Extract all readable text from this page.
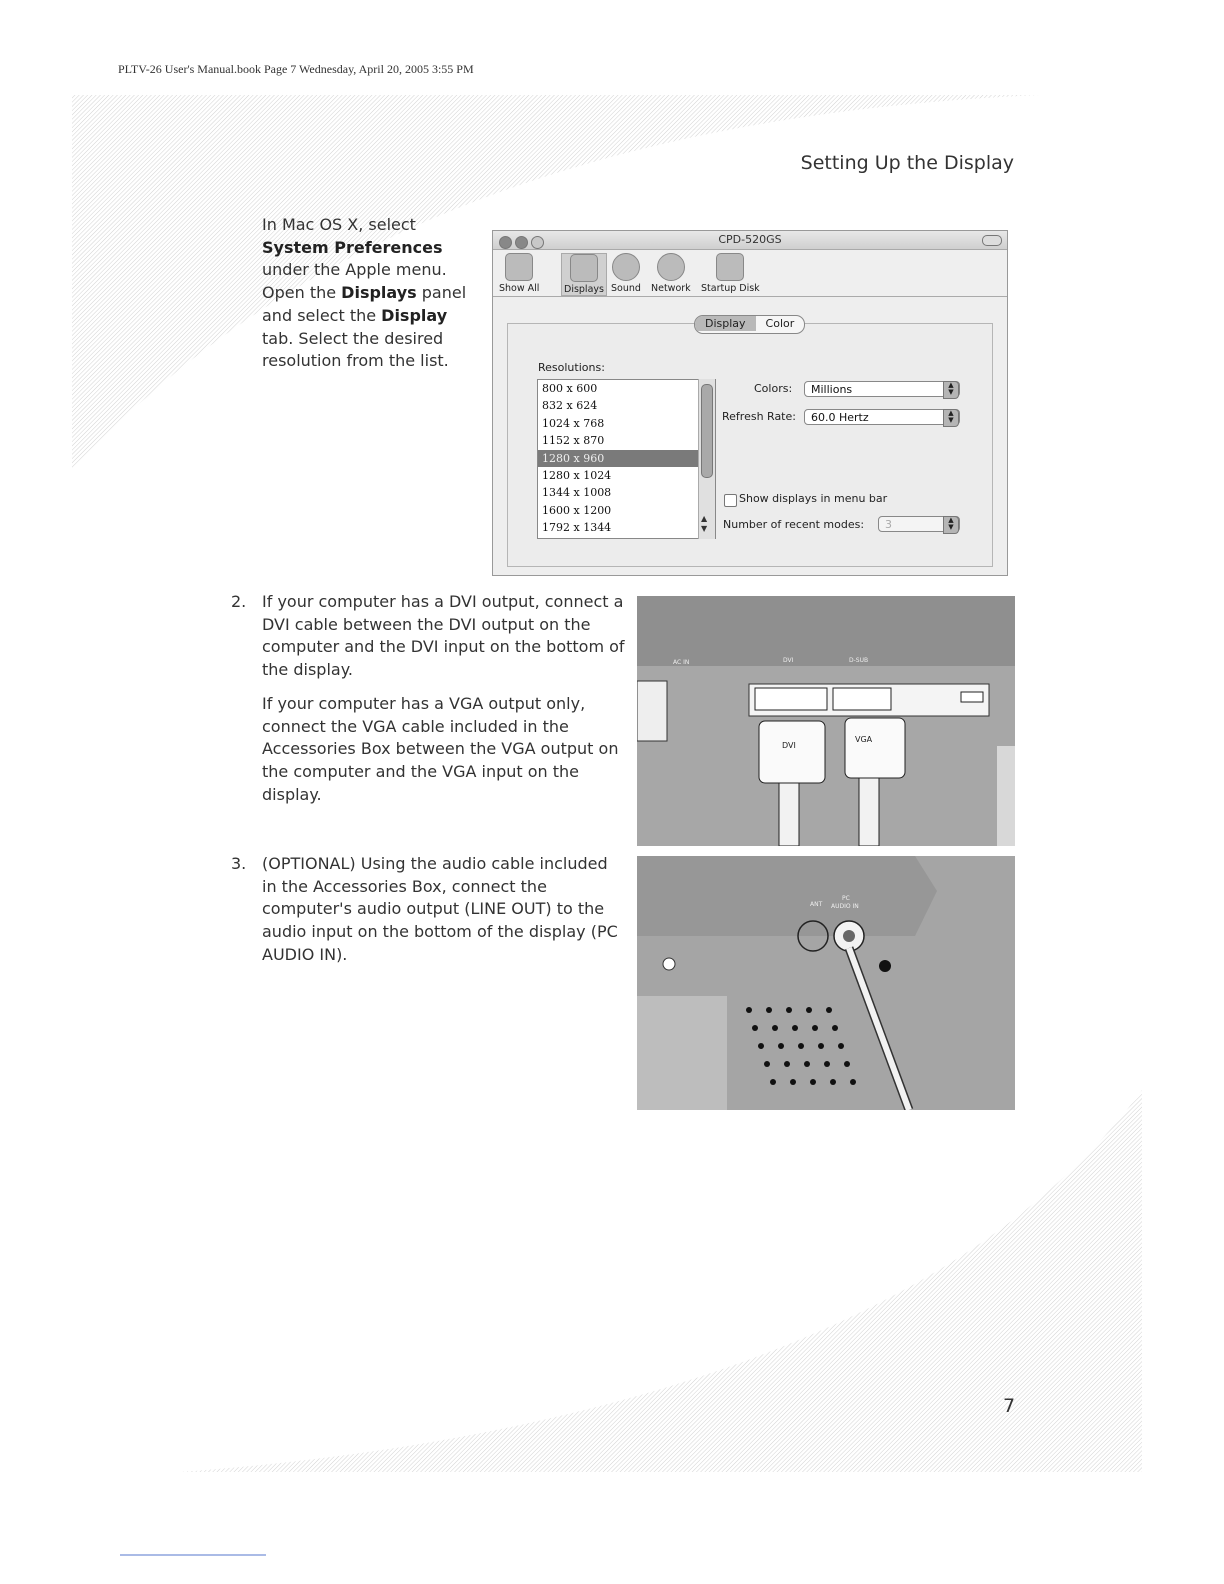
PLTV-26 User's Manual.book Page 7 Wednesday, April 20, 2005 3:55 PM
Setting Up the Display
In Mac OS X, select System Preferences under the Apple menu. Open the Displays panel and select the Display tab. Select the desired resolution from the list.
CPD-520GS
Show All	Displays Sound Network Startup Disk
Display Color
Resolutions:
800 x 600
832 x 624
1024 x 768
1152 x 870
1280 x 960
1280 x 1024
1344 x 1008
1600 x 1200
1792 x 1344
▲
▼
Colors:	Millions	▲
▼
Refresh Rate:	60.0 Hertz	▲
▼
Show displays in menu bar
Number of recent modes:	3	▲
▼
2. If your computer has a DVI output, connect a DVI cable between the DVI output on the computer and the DVI input on the bottom of the display.

If your computer has a VGA output only, connect the VGA cable included in the Accessories Box between the VGA output on the computer and the VGA input on the display.

AC IN	DVI	D-SUB
DVI
VGA
3. (OPTIONAL) Using the audio cable included in the Accessories Box, connect the computer's audio output (LINE OUT) to the audio input on the bottom of the display (PC AUDIO IN).

ANT
PC
AUDIO IN
7
